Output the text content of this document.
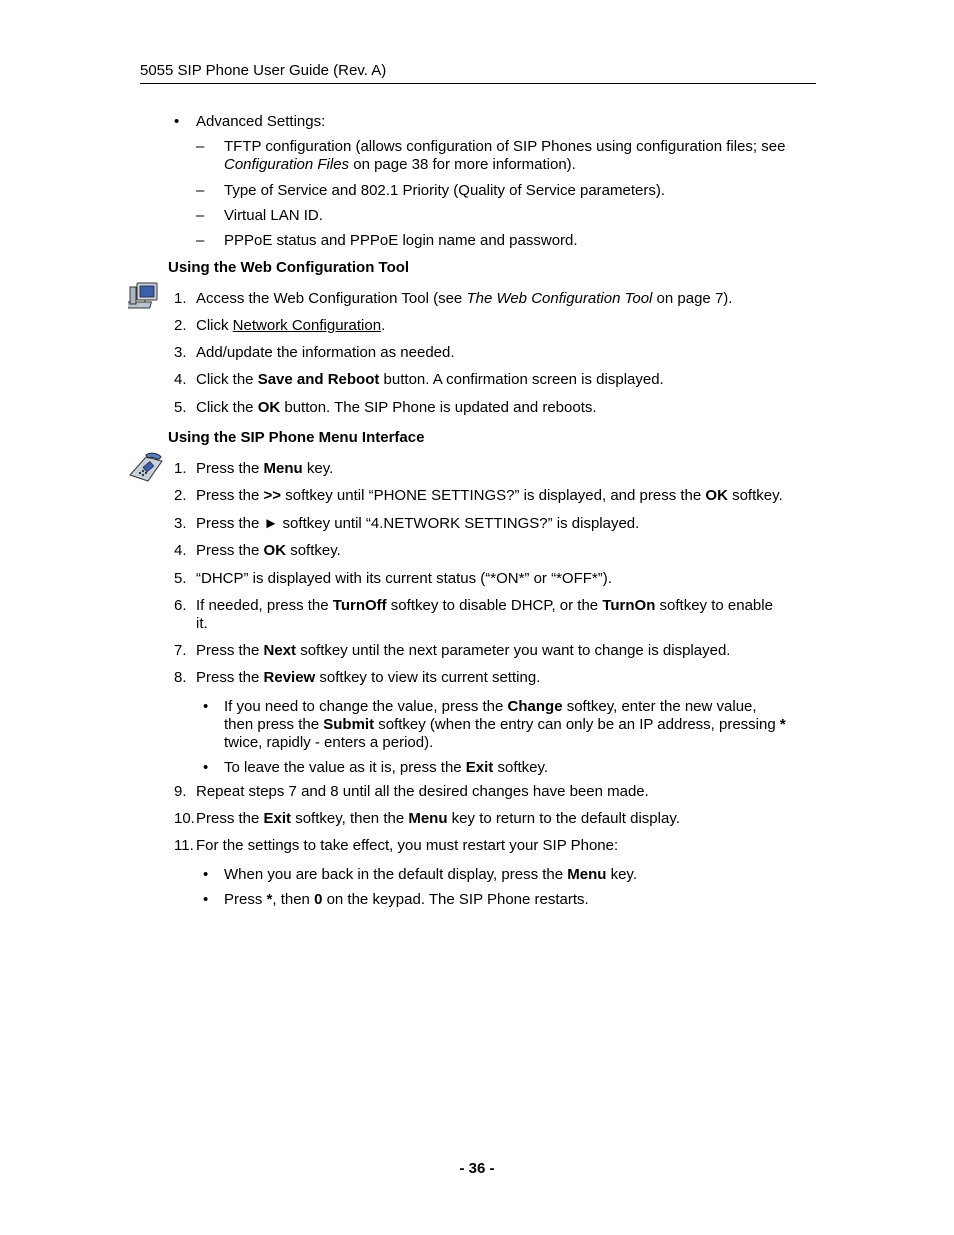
5055 SIP Phone User Guide (Rev. A)
• Advanced Settings:
– TFTP configuration (allows configuration of SIP Phones using configuration files; see
Configuration Files on page 38 for more information).
– Type of Service and 802.1 Priority (Quality of Service parameters).
– Virtual LAN ID.
– PPPoE status and PPPoE login name and password.
Using the Web Configuration Tool
1. Access the Web Configuration Tool (see The Web Configuration Tool on page 7).
2. Click Network Configuration.
3. Add/update the information as needed.
4. Click the Save and Reboot button. A confirmation screen is displayed.
5. Click the OK button. The SIP Phone is updated and reboots.
Using the SIP Phone Menu Interface
1. Press the Menu key.
2. Press the >> softkey until “PHONE SETTINGS?” is displayed, and press the OK softkey.
3. Press the ► softkey until “4.NETWORK SETTINGS?” is displayed.
4. Press the OK softkey.
5. “DHCP” is displayed with its current status (“*ON*” or “*OFF*”).
6. If needed, press the TurnOff softkey to disable DHCP, or the TurnOn softkey to enable
it.
7. Press the Next softkey until the next parameter you want to change is displayed.
8. Press the Review softkey to view its current setting.
• If you need to change the value, press the Change softkey, enter the new value,
then press the Submit softkey (when the entry can only be an IP address, pressing *
twice, rapidly - enters a period).
• To leave the value as it is, press the Exit softkey.
9. Repeat steps 7 and 8 until all the desired changes have been made.
10. Press the Exit softkey, then the Menu key to return to the default display.
11. For the settings to take effect, you must restart your SIP Phone:
• When you are back in the default display, press the Menu key.
• Press *, then 0 on the keypad. The SIP Phone restarts.
- 36 -
